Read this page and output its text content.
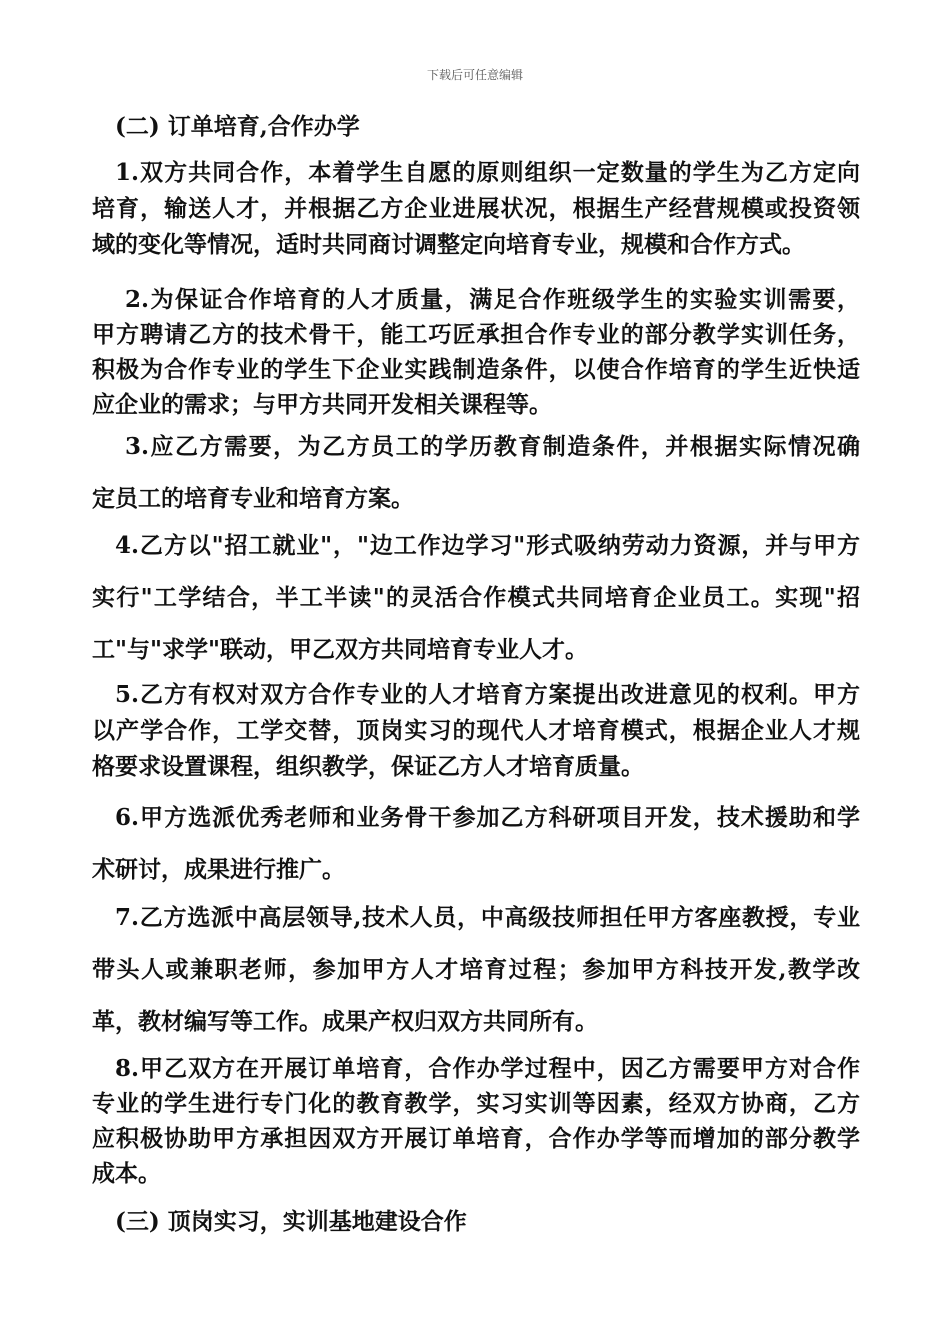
下载后可任意编辑
(二) 订单培育,合作办学
1.双方共同合作，本着学生自愿的原则组织一定数量的学生为乙方定向
培育，输送人才，并根据乙方企业进展状况，根据生产经营规模或投资领
域的变化等情况，适时共同商讨调整定向培育专业，规模和合作方式。
2.为保证合作培育的人才质量，满足合作班级学生的实验实训需要，
甲方聘请乙方的技术骨干，能工巧匠承担合作专业的部分教学实训任务，
积极为合作专业的学生下企业实践制造条件，以使合作培育的学生近快适
应企业的需求；与甲方共同开发相关课程等。
3.应乙方需要，为乙方员工的学历教育制造条件，并根据实际情况确
定员工的培育专业和培育方案。
4.乙方以"招工就业"，"边工作边学习"形式吸纳劳动力资源，并与甲方
实行"工学结合，半工半读"的灵活合作模式共同培育企业员工。实现"招
工"与"求学"联动，甲乙双方共同培育专业人才。
5.乙方有权对双方合作专业的人才培育方案提出改进意见的权利。甲方
以产学合作，工学交替，顶岗实习的现代人才培育模式，根据企业人才规
格要求设置课程，组织教学，保证乙方人才培育质量。
6.甲方选派优秀老师和业务骨干参加乙方科研项目开发，技术援助和学
术研讨，成果进行推广。
7.乙方选派中高层领导,技术人员，中高级技师担任甲方客座教授，专业
带头人或兼职老师，参加甲方人才培育过程；参加甲方科技开发,教学改
革，教材编写等工作。成果产权归双方共同所有。
8.甲乙双方在开展订单培育，合作办学过程中，因乙方需要甲方对合作
专业的学生进行专门化的教育教学，实习实训等因素，经双方协商，乙方
应积极协助甲方承担因双方开展订单培育，合作办学等而增加的部分教学
成本。
(三) 顶岗实习，实训基地建设合作
